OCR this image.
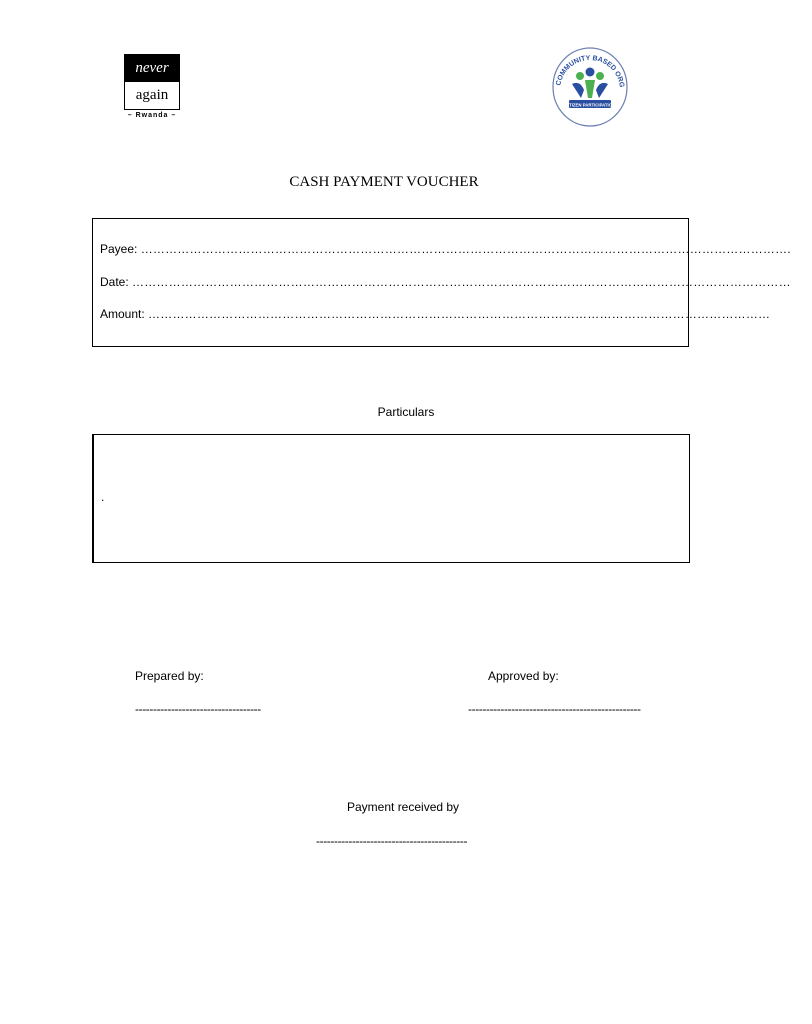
never
again
– Rwanda –
COMMUNITY BASED ORG
CITIZEN PARTICIPATION
CASH PAYMENT VOUCHER
Payee: …………………………………………………………………………………………………………………………………………….
Date: ………………………………………………………………………………………………………………………………………………
Amount: ………………………………………………………………………………………………………………………………………
Particulars
.
Prepared by:
-----------------------------------
Approved by:
------------------------------------------------
Payment received by
------------------------------------------
